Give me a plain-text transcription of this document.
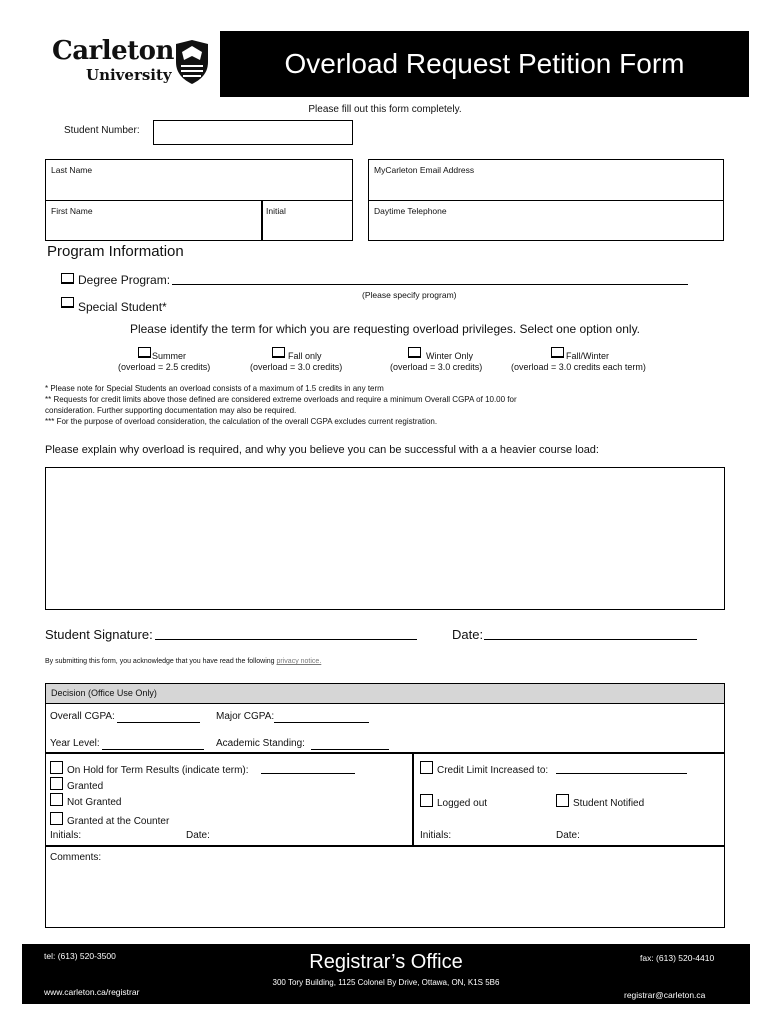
Carleton
University	Overload Request Petition Form
Please fill out this form completely.
Student Number:
Last Name
First Name	Initial
MyCarleton Email Address
Daytime Telephone
Program Information
Degree Program:
(Please specify program)
Special Student*
Please identify the term for which you are requesting overload privileges. Select one option only.
Summer
(overload = 2.5 credits)
Fall only
(overload = 3.0 credits)
Winter Only
(overload = 3.0 credits)
Fall/Winter
(overload = 3.0 credits each term)
* Please note for Special Students an overload consists of a maximum of 1.5 credits in any term
** Requests for credit limits above those defined are considered extreme overloads and require a minimum Overall CGPA of 10.00 for
consideration. Further supporting documentation may also be required.
*** For the purpose of overload consideration, the calculation of the overall CGPA excludes current registration.
Please explain why overload is required, and why you believe you can be successful with a a heavier course load:
Student Signature:	Date:
By submitting this form, you acknowledge that you have read the following privacy notice.
Decision (Office Use Only)
Overall CGPA:	Major CGPA:
Year Level:	Academic Standing:
On Hold for Term Results (indicate term):
Granted
Not Granted
Granted at the Counter
Initials:	Date:
Credit Limit Increased to:
Logged out	Student Notified
Initials:	Date:
Comments:
tel: (613) 520-3500
www.carleton.ca/registrar
Registrar’s Office
300 Tory Building, 1125 Colonel By Drive, Ottawa, ON, K1S 5B6
fax: (613) 520-4410
registrar@carleton.ca
